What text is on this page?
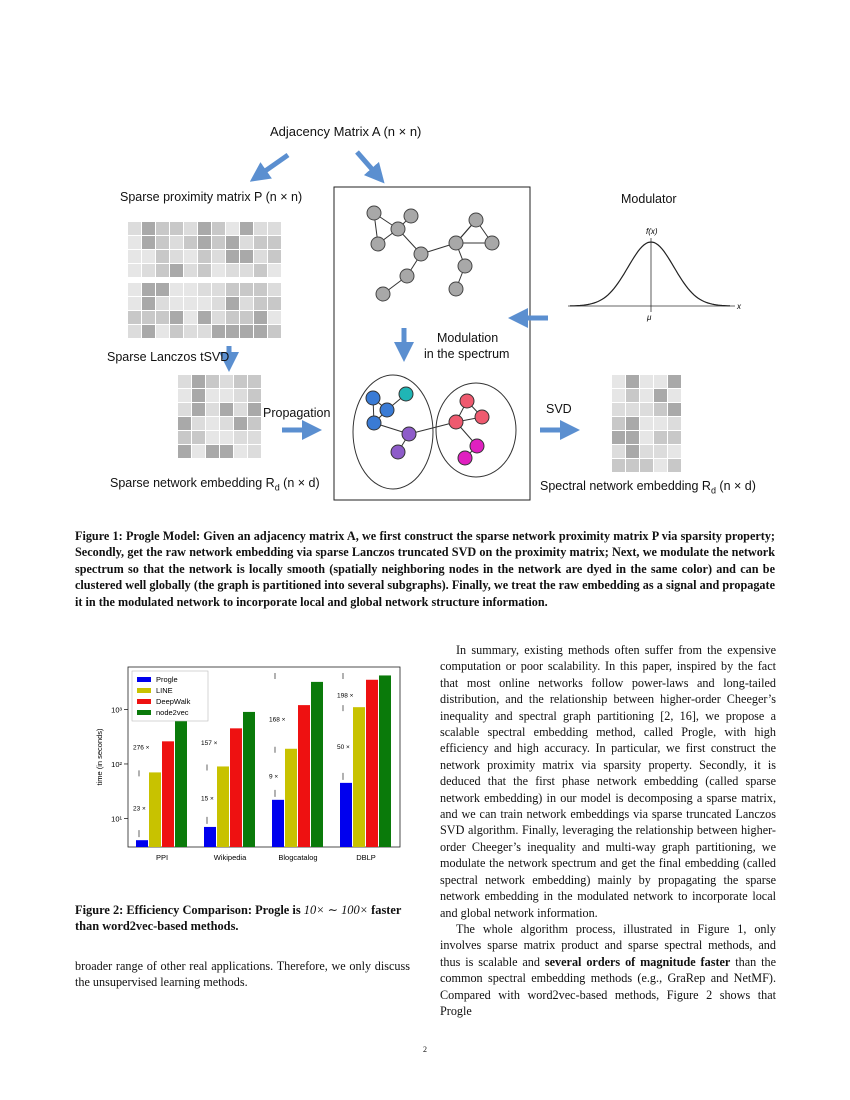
f(x)
x
μ
Adjacency Matrix A (n × n)
Sparse proximity matrix P (n × n)
Sparse Lanczos tSVD
Propagation
Sparse network embedding $R_d$ (n × d)
Modulator
Modulation
in the spectrum
SVD
Spectral network embedding $R_d$ (n × d)
Figure 1: Progle Model: Given an adjacency matrix A, we first construct the sparse network proximity matrix P via sparsity property; Secondly, get the raw network embedding via sparse Lanczos truncated SVD on the proximity matrix; Next, we modulate the network spectrum so that the network is locally smooth (spatially neighboring nodes in the network are dyed in the same color) and can be clustered well globally (the graph is partitioned into several subgraphs). Finally, we treat the raw embedding as a signal and propagate it in the modulated network to incorporate local and global network structure information.
10¹
10²
10³
time (in seconds)
PPI
276 ×
23 ×
Wikipedia
157 ×
15 ×
Blogcatalog
168 ×
9 ×
DBLP
198 ×
50 ×
Progle
LINE
DeepWalk
node2vec
Figure 2: Efficiency Comparison: Progle is 10× ∼ 100× faster than word2vec-based methods.

broader range of other real applications. Therefore, we only discuss the unsupervised learning methods.

In summary, existing methods often suffer from the expensive computation or poor scalability. In this paper, inspired by the fact that most online networks follow power-laws and long-tailed distribution, and the relationship between higher-order Cheeger’s inequality and spectral graph partitioning [2, 16], we propose a scalable spectral embedding method, called Progle, with high efficiency and high accuracy. In particular, we first construct the network proximity matrix via sparsity property. Secondly, it is deduced that the first phase network embedding (called sparse network embedding) in our model is decomposing a sparse matrix, and we can train network embeddings via sparse truncated Lanczos SVD algorithm. Finally, leveraging the relationship between higher-order Cheeger’s inequality and multi-way graph partitioning, we modulate the network spectrum and get the final embedding (called spectral network embedding) mainly by propagating the sparse network embedding in the modulated network to incorporate local and global network information.

The whole algorithm process, illustrated in Figure 1, only involves sparse matrix product and sparse spectral methods, and thus is scalable and several orders of magnitude faster than the common spectral embedding methods (e.g., GraRep and NetMF). Compared with word2vec-based methods, Figure 2 shows that Progle

2
